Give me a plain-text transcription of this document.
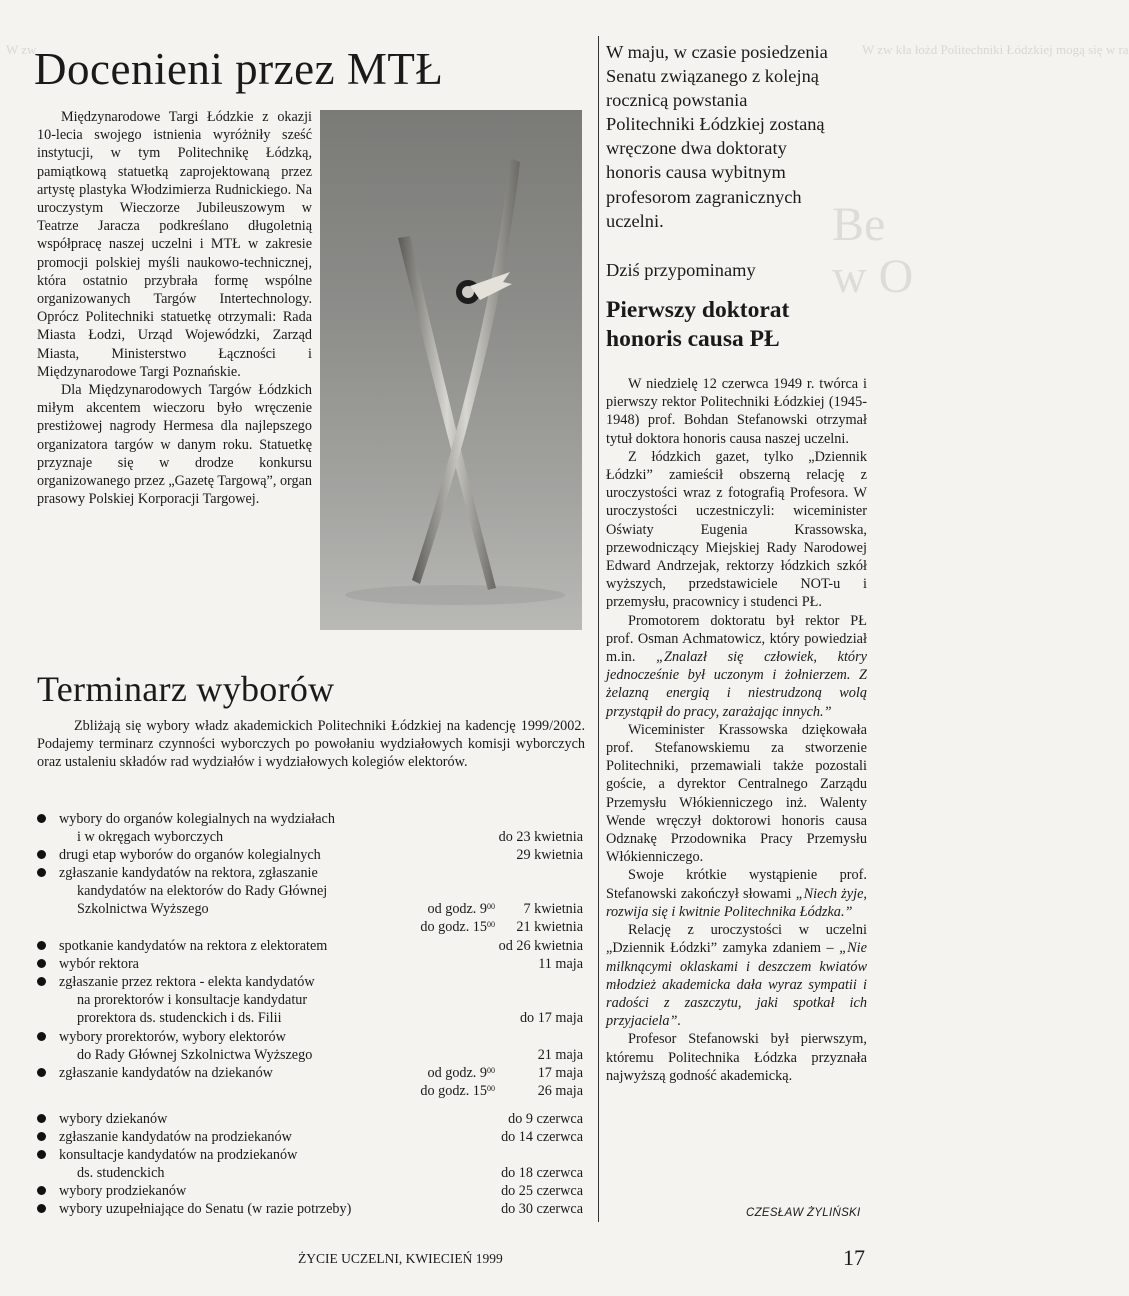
W zw	W zw kła łożd Politechniki Łódzkiej mogą się w ra
Be
w O
Docenieni przez MTŁ

Międzynarodowe Targi Łódzkie z okazji 10-lecia swojego istnienia wyróżniły sześć instytucji, w tym Politechnikę Łódzką, pamiątkową statuetką zaprojektowaną przez artystę plastyka Włodzimierza Rudnickiego. Na uroczystym Wieczorze Jubileuszowym w Teatrze Jaracza podkreślano długoletnią współpracę naszej uczelni i MTŁ w zakresie promocji polskiej myśli naukowo-technicznej, która ostatnio przybrała formę wspólne organizowanych Targów Intertechnology. Oprócz Politechniki statuetkę otrzymali: Rada Miasta Łodzi, Urząd Wojewódzki, Zarząd Miasta, Ministerstwo Łączności i Międzynarodowe Targi Poznańskie.

Dla Międzynarodowych Targów Łódzkich miłym akcentem wieczoru było wręczenie prestiżowej nagrody Hermesa dla najlepszego organizatora targów w danym roku. Statuetkę przyznaje się w drodze konkursu organizowanego przez „Gazetę Targową”, organ prasowy Polskiej Korporacji Targowej.

Terminarz wyborów
Zbliżają się wybory władz akademickich Politechniki Łódzkiej na kadencję 1999/2002. Podajemy terminarz czynności wyborczych po powołaniu wydziałowych komisji wyborczych oraz ustaleniu składów rad wydziałów i wydziałowych kolegiów elektorów.
wybory do organów kolegialnych na wydziałach
i w okręgach wyborczych	do 23 kwietnia
drugi etap wyborów do organów kolegialnych	29 kwietnia
zgłaszanie kandydatów na rektora, zgłaszanie
kandydatów na elektorów do Rady Głównej
Szkolnictwa Wyższego	od godz. $9^{00}$ 7 kwietnia
do godz. $15^{00}$ 21 kwietnia
spotkanie kandydatów na rektora z elektoratem	od 26 kwietnia
wybór rektora	11 maja
zgłaszanie przez rektora - elekta kandydatów
na prorektorów i konsultacje kandydatur
prorektora ds. studenckich i ds. Filii	do 17 maja
wybory prorektorów, wybory elektorów
do Rady Głównej Szkolnictwa Wyższego	21 maja
zgłaszanie kandydatów na dziekanów	od godz. $9^{00}$	17 maja
do godz. $15^{00}$	26 maja
wybory dziekanów	do 9 czerwca
zgłaszanie kandydatów na prodziekanów	do 14 czerwca
konsultacje kandydatów na prodziekanów
ds. studenckich	do 18 czerwca
wybory prodziekanów	do 25 czerwca
wybory uzupełniające do Senatu (w razie potrzeby)	do 30 czerwca
W maju, w czasie posiedzenia Senatu związanego z kolejną rocznicą powstania Politechniki Łódzkiej zostaną wręczone dwa doktoraty honoris causa wybitnym profesorom zagranicznych uczelni.
Dziś przypominamy
Pierwszy doktorat honoris causa PŁ

W niedzielę 12 czerwca 1949 r. twórca i pierwszy rektor Politechniki Łódzkiej (1945-1948) prof. Bohdan Stefanowski otrzymał tytuł doktora honoris causa naszej uczelni.

Z łódzkich gazet, tylko „Dziennik Łódzki” zamieścił obszerną relację z uroczystości wraz z fotografią Profesora. W uroczystości uczestniczyli: wiceminister Oświaty Eugenia Krassowska, przewodniczący Miejskiej Rady Narodowej Edward Andrzejak, rektorzy łódzkich szkół wyższych, przedstawiciele NOT-u i przemysłu, pracownicy i studenci PŁ.

Promotorem doktoratu był rektor PŁ prof. Osman Achmatowicz, który powiedział m.in. „Znalazł się człowiek, który jednocześnie był uczonym i żołnierzem. Z żelazną energią i niestrudzoną wolą przystąpił do pracy, zarażając innych.”

Wiceminister Krassowska dziękowała prof. Stefanowskiemu za stworzenie Politechniki, przemawiali także pozostali goście, a dyrektor Centralnego Zarządu Przemysłu Włókienniczego inż. Walenty Wende wręczył doktorowi honoris causa Odznakę Przodownika Pracy Przemysłu Włókienniczego.

Swoje krótkie wystąpienie prof. Stefanowski zakończył słowami „Niech żyje, rozwija się i kwitnie Politechnika Łódzka.”

Relację z uroczystości w uczelni „Dziennik Łódzki” zamyka zdaniem – „Nie milknącymi oklaskami i deszczem kwiatów młodzież akademicka dała wyraz sympatii i radości z zaszczytu, jaki spotkał ich przyjaciela”.

Profesor Stefanowski był pierwszym, któremu Politechnika Łódzka przyznała najwyższą godność akademicką.

CZESŁAW ŻYLIŃSKI
ŻYCIE UCZELNI, KWIECIEŃ 1999	17
